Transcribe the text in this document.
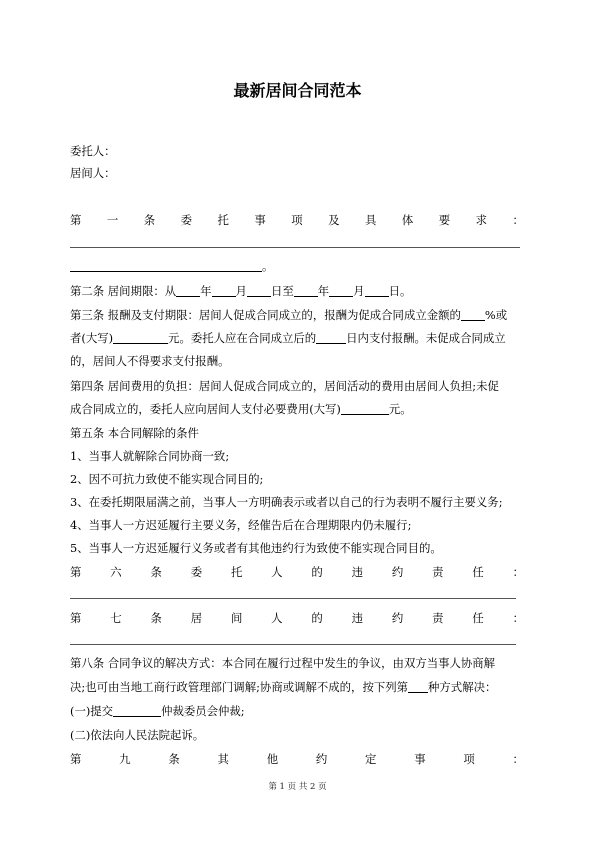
最新居间合同范本
委托人：
居间人：
第 一 条 委 托 事 项 及 具 体 要 求 ：
。
第二条 居间期限：从 年 月 日至 年 月 日。
第三条 报酬及支付期限：居间人促成合同成立的，报酬为促成合同成立金额的 %或
者(大写)	元。委托人应在合同成立后的	日内支付报酬。未促成合同成立
的，居间人不得要求支付报酬。
第四条 居间费用的负担：居间人促成合同成立的，居间活动的费用由居间人负担;未促
成合同成立的，委托人应向居间人支付必要费用(大写)	元。
第五条 本合同解除的条件
1、当事人就解除合同协商一致;
2、因不可抗力致使不能实现合同目的;
3、在委托期限届满之前，当事人一方明确表示或者以自己的行为表明不履行主要义务;
4、当事人一方迟延履行主要义务，经催告后在合理期限内仍未履行;
5、当事人一方迟延履行义务或者有其他违约行为致使不能实现合同目的。
第	六	条	委	托	人	的	违	约	责	任	：
第	七	条	居	间	人	的	违	约	责	任	：
第八条 合同争议的解决方式：本合同在履行过程中发生的争议，由双方当事人协商解
决;也可由当地工商行政管理部门调解;协商或调解不成的，按下列第 种方式解决：
(一)提交	仲裁委员会仲裁;
(二)依法向人民法院起诉。
第	九	条	其	他	约	定	事	项	：
第 1 页 共 2 页
